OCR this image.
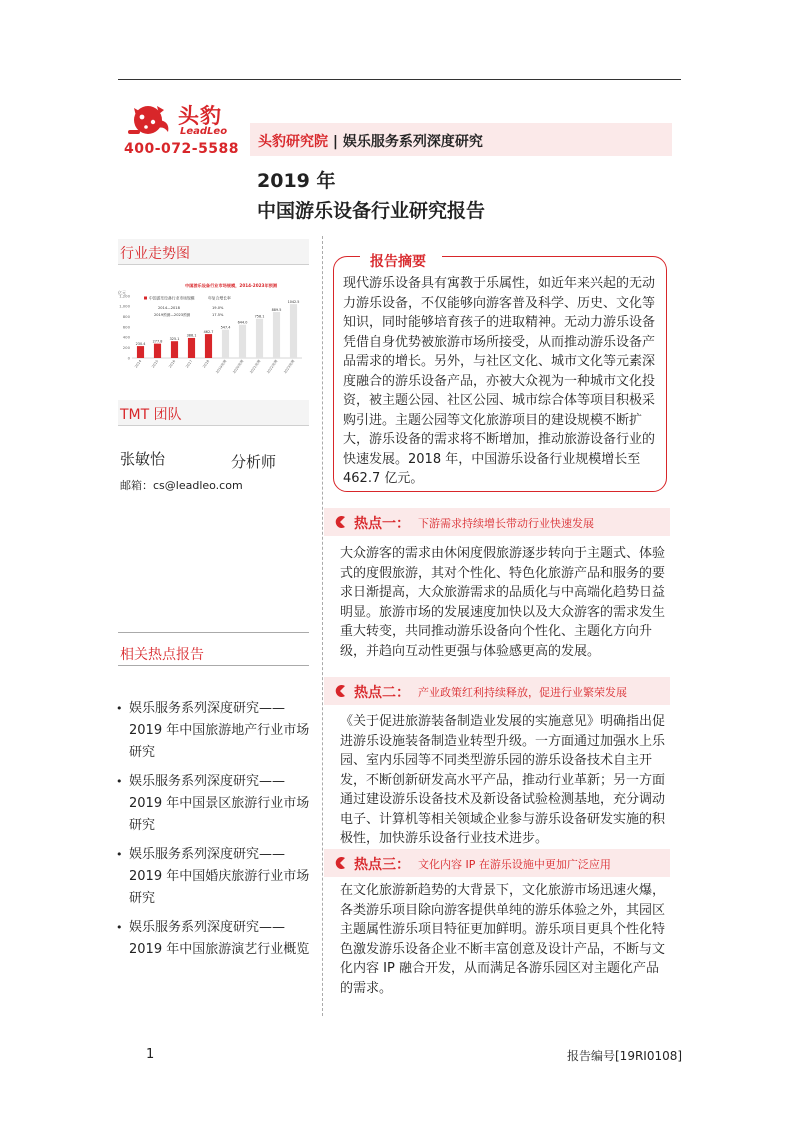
头豹
LeadLeo
400-072-5588 头豹研究院 | 娱乐服务系列深度研究
2019 年
中国游乐设备行业研究报告
行业走势图
中国游乐设备行业市场规模，2014-2023年预测
亿元
中国游乐设备行业市场规模	年复合增长率
2014—2018	19.0%
2019预测—2023预测	17.5%
0
200
400
600
800
1,000
1,200
230.4
2014
277.8
2015
325.1
2016
388.1
2017
462.7
2018
547.4
2019预测
644.0
2020预测
758.1
2021预测
889.5
2022预测
1042.5
2023预测
TMT 团队
张敏怡	分析师
邮箱：cs@leadleo.com
相关热点报告
• 娱乐服务系列深度研究——2019 年中国旅游地产行业市场研究
• 娱乐服务系列深度研究——2019 年中国景区旅游行业市场研究
• 娱乐服务系列深度研究——2019 年中国婚庆旅游行业市场研究
• 娱乐服务系列深度研究——2019 年中国旅游演艺行业概览
报告摘要
现代游乐设备具有寓教于乐属性，如近年来兴起的无动力游乐设备，不仅能够向游客普及科学、历史、文化等知识，同时能够培育孩子的进取精神。无动力游乐设备凭借自身优势被旅游市场所接受，从而推动游乐设备产品需求的增长。另外，与社区文化、城市文化等元素深度融合的游乐设备产品，亦被大众视为一种城市文化投资，被主题公园、社区公园、城市综合体等项目积极采购引进。主题公园等文化旅游项目的建设规模不断扩大，游乐设备的需求将不断增加，推动旅游设备行业的快速发展。2018 年，中国游乐设备行业规模增长至 462.7 亿元。
热点一： 下游需求持续增长带动行业快速发展
大众游客的需求由休闲度假旅游逐步转向于主题式、体验式的度假旅游，其对个性化、特色化旅游产品和服务的要求日渐提高，大众旅游需求的品质化与中高端化趋势日益明显。旅游市场的发展速度加快以及大众游客的需求发生重大转变，共同推动游乐设备向个性化、主题化方向升级，并趋向互动性更强与体验感更高的发展。
热点二： 产业政策红利持续释放，促进行业繁荣发展
《关于促进旅游装备制造业发展的实施意见》明确指出促进游乐设施装备制造业转型升级。一方面通过加强水上乐园、室内乐园等不同类型游乐园的游乐设备技术自主开发，不断创新研发高水平产品，推动行业革新；另一方面通过建设游乐设备技术及新设备试验检测基地，充分调动电子、计算机等相关领域企业参与游乐设备研发实施的积极性，加快游乐设备行业技术进步。
热点三： 文化内容 IP 在游乐设施中更加广泛应用
在文化旅游新趋势的大背景下，文化旅游市场迅速火爆，各类游乐项目除向游客提供单纯的游乐体验之外，其园区主题属性游乐项目特征更加鲜明。游乐项目更具个性化特色激发游乐设备企业不断丰富创意及设计产品，不断与文化内容 IP 融合开发，从而满足各游乐园区对主题化产品的需求。
1	报告编号[19RI0108]
